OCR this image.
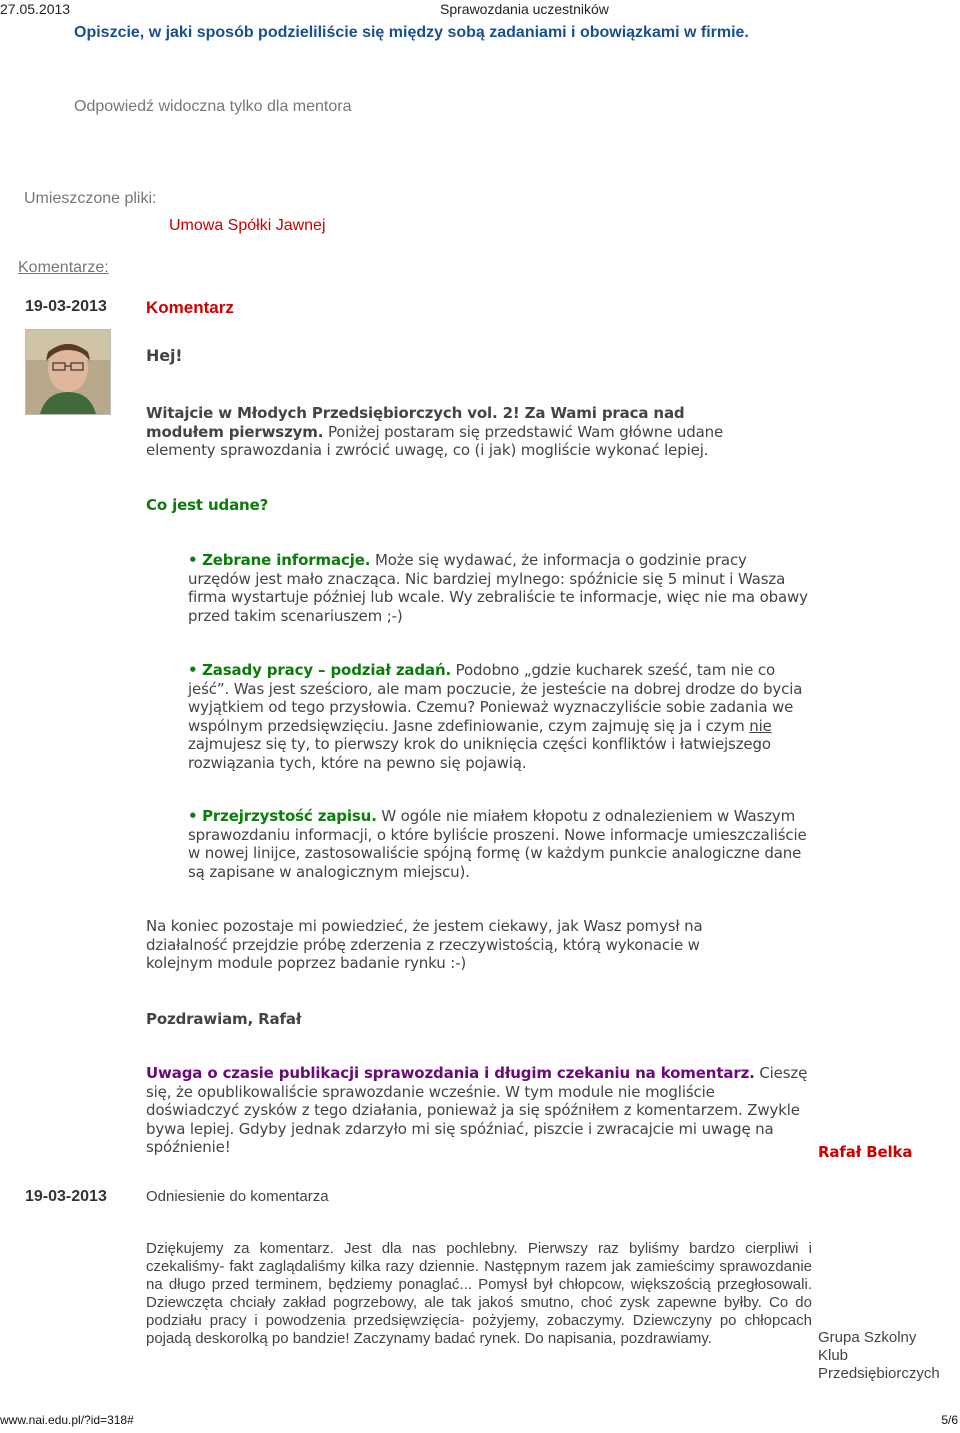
27.05.2013	Sprawozdania uczestników
Opiszcie, w jaki sposób podzieliliście się między sobą zadaniami i obowiązkami w firmie.
Odpowiedź widoczna tylko dla mentora
Umieszczone pliki:
Umowa Spółki Jawnej
Komentarze:
19-03-2013 Komentarz
Hej!
Witajcie w Młodych Przedsiębiorczych vol. 2! Za Wami praca nad modułem pierwszym. Poniżej postaram się przedstawić Wam główne udane elementy sprawozdania i zwrócić uwagę, co (i jak) mogliście wykonać lepiej.
Co jest udane?
• Zebrane informacje. Może się wydawać, że informacja o godzinie pracy urzędów jest mało znacząca. Nic bardziej mylnego: spóźnicie się 5 minut i Wasza firma wystartuje później lub wcale. Wy zebraliście te informacje, więc nie ma obawy przed takim scenariuszem ;-)
• Zasady pracy – podział zadań. Podobno „gdzie kucharek sześć, tam nie co jeść”. Was jest sześcioro, ale mam poczucie, że jesteście na dobrej drodze do bycia wyjątkiem od tego przysłowia. Czemu? Ponieważ wyznaczyliście sobie zadania we wspólnym przedsięwzięciu. Jasne zdefiniowanie, czym zajmuję się ja i czym nie zajmujesz się ty, to pierwszy krok do uniknięcia części konfliktów i łatwiejszego rozwiązania tych, które na pewno się pojawią.
• Przejrzystość zapisu. W ogóle nie miałem kłopotu z odnalezieniem w Waszym sprawozdaniu informacji, o które byliście proszeni. Nowe informacje umieszczaliście w nowej linijce, zastosowaliście spójną formę (w każdym punkcie analogiczne dane są zapisane w analogicznym miejscu).
Na koniec pozostaje mi powiedzieć, że jestem ciekawy, jak Wasz pomysł na działalność przejdzie próbę zderzenia z rzeczywistością, którą wykonacie w kolejnym module poprzez badanie rynku :-)
Pozdrawiam, Rafał
Uwaga o czasie publikacji sprawozdania i długim czekaniu na komentarz. Cieszę się, że opublikowaliście sprawozdanie wcześnie. W tym module nie mogliście doświadczyć zysków z tego działania, ponieważ ja się spóźniłem z komentarzem. Zwykle bywa lepiej. Gdyby jednak zdarzyło mi się spóźniać, piszcie i zwracajcie mi uwagę na spóźnienie!	Rafał Belka
19-03-2013	Odniesienie do komentarza
Dziękujemy za komentarz. Jest dla nas pochlebny. Pierwszy raz byliśmy bardzo cierpliwi i czekaliśmy- fakt zaglądaliśmy kilka razy dziennie. Następnym razem jak zamieścimy sprawozdanie na długo przed terminem, będziemy ponaglać... Pomysł był chłopcow, większością przegłosowali. Dziewczęta chciały zakład pogrzebowy, ale tak jakoś smutno, choć zysk zapewne byłby. Co do podziału pracy i powodzenia przedsięwzięcia- pożyjemy, zobaczymy. Dziewczyny po chłopcach pojadą deskorolką po bandzie! Zaczynamy badać rynek. Do napisania, pozdrawiamy.	Grupa Szkolny Klub Przedsiębiorczych
www.nai.edu.pl/?id=318#	5/6
